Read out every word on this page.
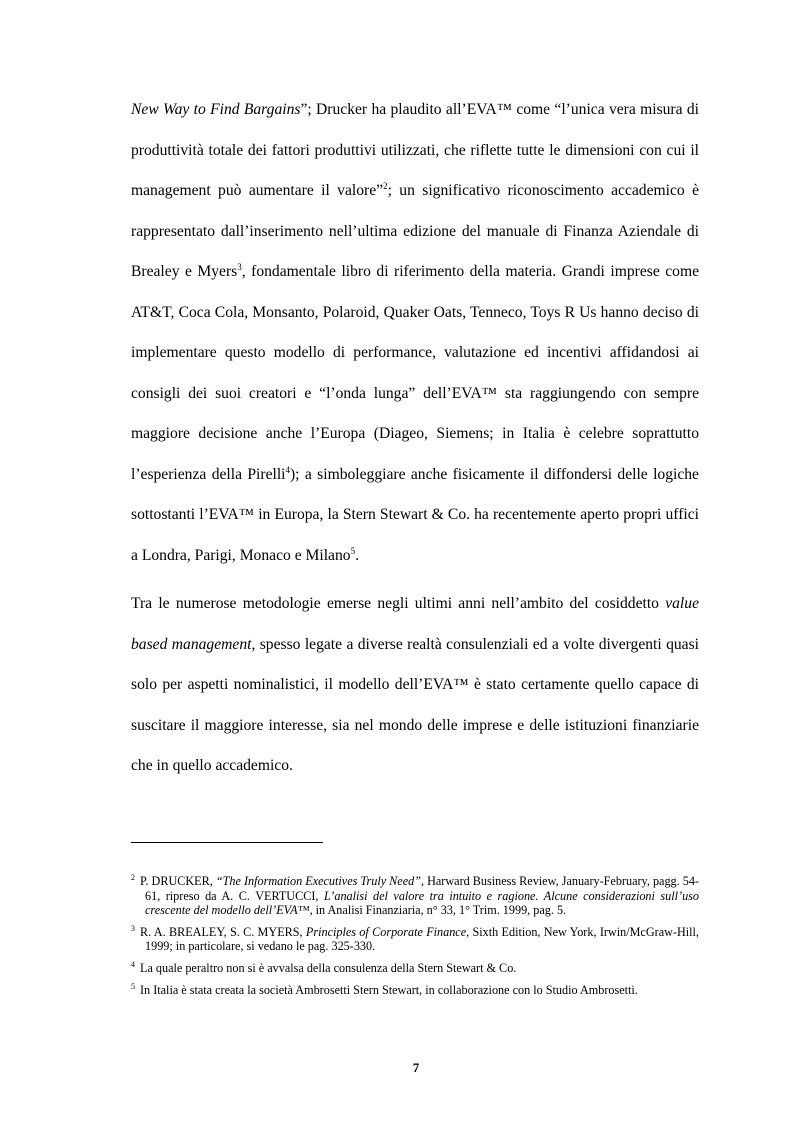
New Way to Find Bargains”; Drucker ha plaudito all’EVA™ come “l’unica vera misura di produttività totale dei fattori produttivi utilizzati, che riflette tutte le dimensioni con cui il management può aumentare il valore”$^2$; un significativo riconoscimento accademico è rappresentato dall’inserimento nell’ultima edizione del manuale di Finanza Aziendale di Brealey e Myers$^3$, fondamentale libro di riferimento della materia. Grandi imprese come AT&T, Coca Cola, Monsanto, Polaroid, Quaker Oats, Tenneco, Toys R Us hanno deciso di implementare questo modello di performance, valutazione ed incentivi affidandosi ai consigli dei suoi creatori e “l’onda lunga” dell’EVA™ sta raggiungendo con sempre maggiore decisione anche l’Europa (Diageo, Siemens; in Italia è celebre soprattutto l’esperienza della Pirelli$^4$); a simboleggiare anche fisicamente il diffondersi delle logiche sottostanti l’EVA™ in Europa, la Stern Stewart & Co. ha recentemente aperto propri uffici a Londra, Parigi, Monaco e Milano$^5$.

Tra le numerose metodologie emerse negli ultimi anni nell’ambito del cosiddetto value based management, spesso legate a diverse realtà consulenziali ed a volte divergenti quasi solo per aspetti nominalistici, il modello dell’EVA™ è stato certamente quello capace di suscitare il maggiore interesse, sia nel mondo delle imprese e delle istituzioni finanziarie che in quello accademico.

$^2$ P. DRUCKER, “The Information Executives Truly Need”, Harward Business Review, January-February, pagg. 54-61, ripreso da A. C. VERTUCCI, L’analisi del valore tra intuito e ragione. Alcune considerazioni sull’uso crescente del modello dell’EVA™, in Analisi Finanziaria, n° 33, 1° Trim. 1999, pag. 5.

$^3$ R. A. BREALEY, S. C. MYERS, Principles of Corporate Finance, Sixth Edition, New York, Irwin/McGraw-Hill, 1999; in particolare, si vedano le pag. 325-330.

$^4$ La quale peraltro non si è avvalsa della consulenza della Stern Stewart & Co.

$^5$ In Italia è stata creata la società Ambrosetti Stern Stewart, in collaborazione con lo Studio Ambrosetti.

7
